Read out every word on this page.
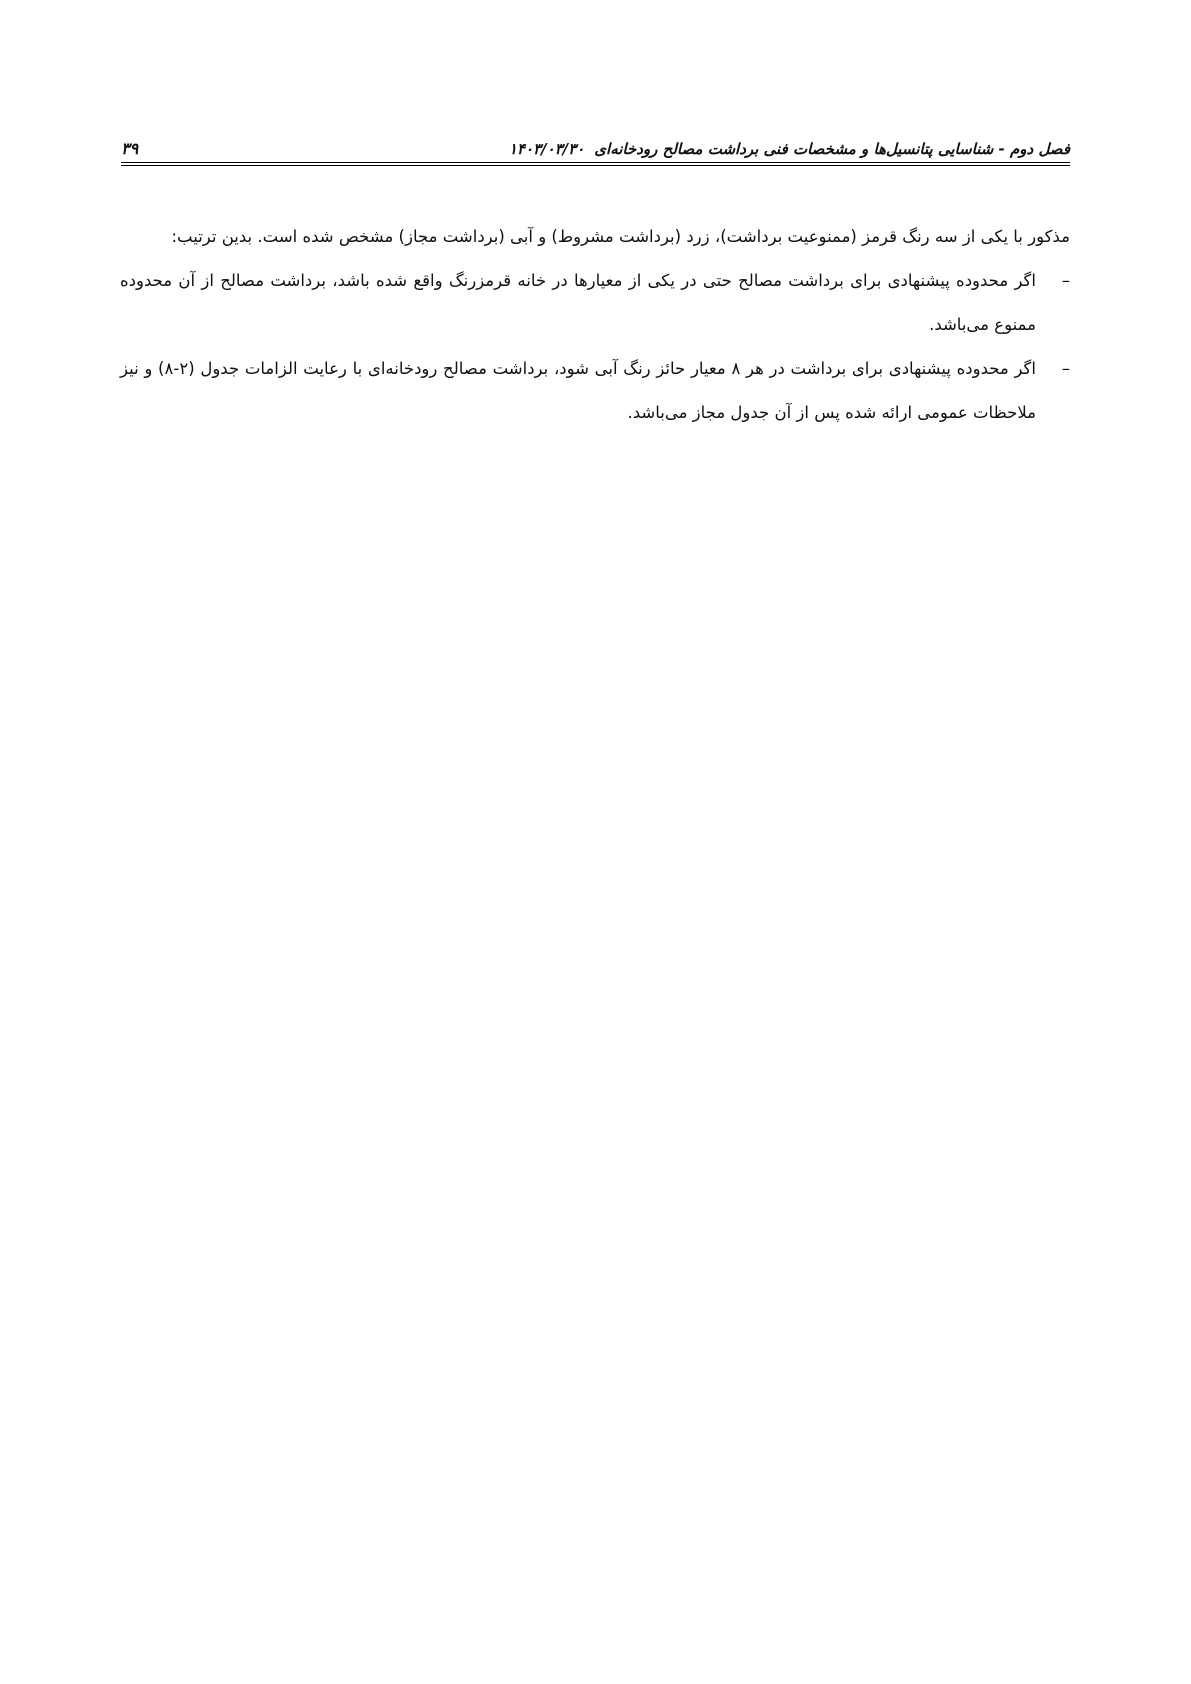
فصل دوم - شناسایی پتانسیل‌ها و مشخصات فنی برداشت مصالح رودخانه‌ای
۱۴۰۳/۰۳/۳۰
۳۹

مذکور با یکی از سه رنگ قرمز (ممنوعیت برداشت)، زرد (برداشت مشروط) و آبی (برداشت مجاز) مشخص شده است. بدین ترتیب:

–
اگر محدوده پیشنهادی برای برداشت مصالح حتی در یکی از معیارها در خانه قرمزرنگ واقع شده باشد، برداشت مصالح از آن محدوده ممنوع می‌باشد.

–
اگر محدوده پیشنهادی برای برداشت در هر ۸ معیار حائز رنگ آبی شود، برداشت مصالح رودخانه‌ای با رعایت الزامات جدول (۲-۸) و نیز ملاحظات عمومی ارائه شده پس از آن جدول مجاز می‌باشد.
